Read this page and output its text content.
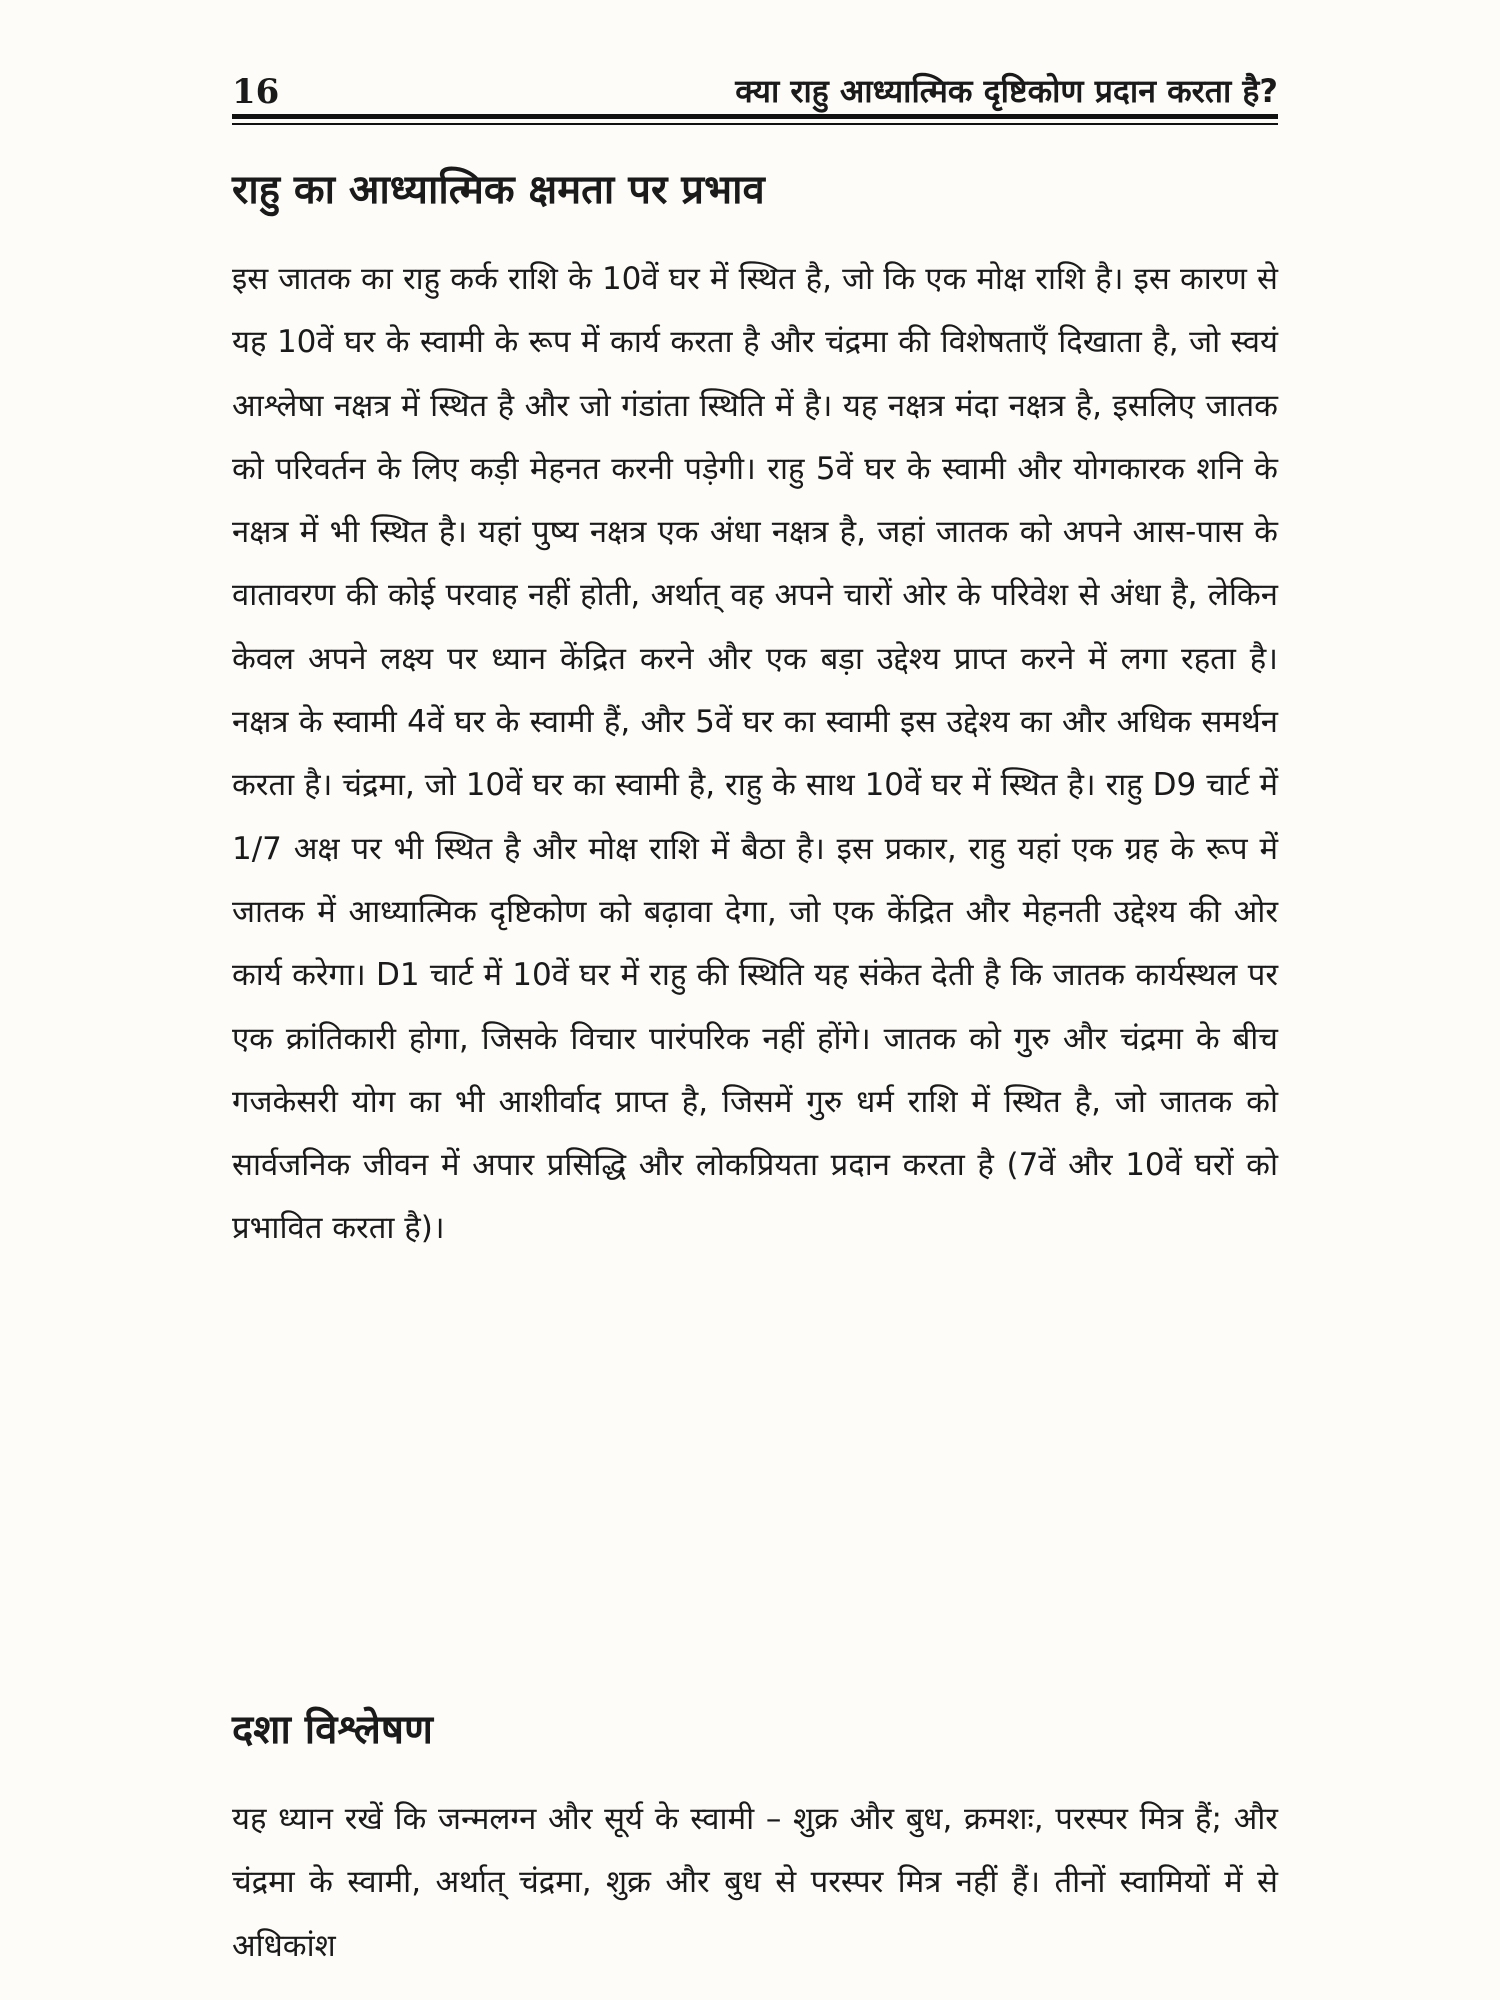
16	क्या राहु आध्यात्मिक दृष्टिकोण प्रदान करता है?
राहु का आध्यात्मिक क्षमता पर प्रभाव

इस जातक का राहु कर्क राशि के 10वें घर में स्थित है, जो कि एक मोक्ष राशि है। इस कारण से यह 10वें घर के स्वामी के रूप में कार्य करता है और चंद्रमा की विशेषताएँ दिखाता है, जो स्वयं आश्लेषा नक्षत्र में स्थित है और जो गंडांता स्थिति में है। यह नक्षत्र मंदा नक्षत्र है, इसलिए जातक को परिवर्तन के लिए कड़ी मेहनत करनी पड़ेगी। राहु 5वें घर के स्वामी और योगकारक शनि के नक्षत्र में भी स्थित है। यहां पुष्य नक्षत्र एक अंधा नक्षत्र है, जहां जातक को अपने आस-पास के वातावरण की कोई परवाह नहीं होती, अर्थात् वह अपने चारों ओर के परिवेश से अंधा है, लेकिन केवल अपने लक्ष्य पर ध्यान केंद्रित करने और एक बड़ा उद्देश्य प्राप्त करने में लगा रहता है। नक्षत्र के स्वामी 4वें घर के स्वामी हैं, और 5वें घर का स्वामी इस उद्देश्य का और अधिक समर्थन करता है। चंद्रमा, जो 10वें घर का स्वामी है, राहु के साथ 10वें घर में स्थित है। राहु D9 चार्ट में 1/7 अक्ष पर भी स्थित है और मोक्ष राशि में बैठा है। इस प्रकार, राहु यहां एक ग्रह के रूप में जातक में आध्यात्मिक दृष्टिकोण को बढ़ावा देगा, जो एक केंद्रित और मेहनती उद्देश्य की ओर कार्य करेगा। D1 चार्ट में 10वें घर में राहु की स्थिति यह संकेत देती है कि जातक कार्यस्थल पर एक क्रांतिकारी होगा, जिसके विचार पारंपरिक नहीं होंगे। जातक को गुरु और चंद्रमा के बीच गजकेसरी योग का भी आशीर्वाद प्राप्त है, जिसमें गुरु धर्म राशि में स्थित है, जो जातक को सार्वजनिक जीवन में अपार प्रसिद्धि और लोकप्रियता प्रदान करता है (7वें और 10वें घरों को प्रभावित करता है)।

दशा विश्लेषण

यह ध्यान रखें कि जन्मलग्न और सूर्य के स्वामी – शुक्र और बुध, क्रमशः, परस्पर मित्र हैं; और चंद्रमा के स्वामी, अर्थात् चंद्रमा, शुक्र और बुध से परस्पर मित्र नहीं हैं। तीनों स्वामियों में से अधिकांश
